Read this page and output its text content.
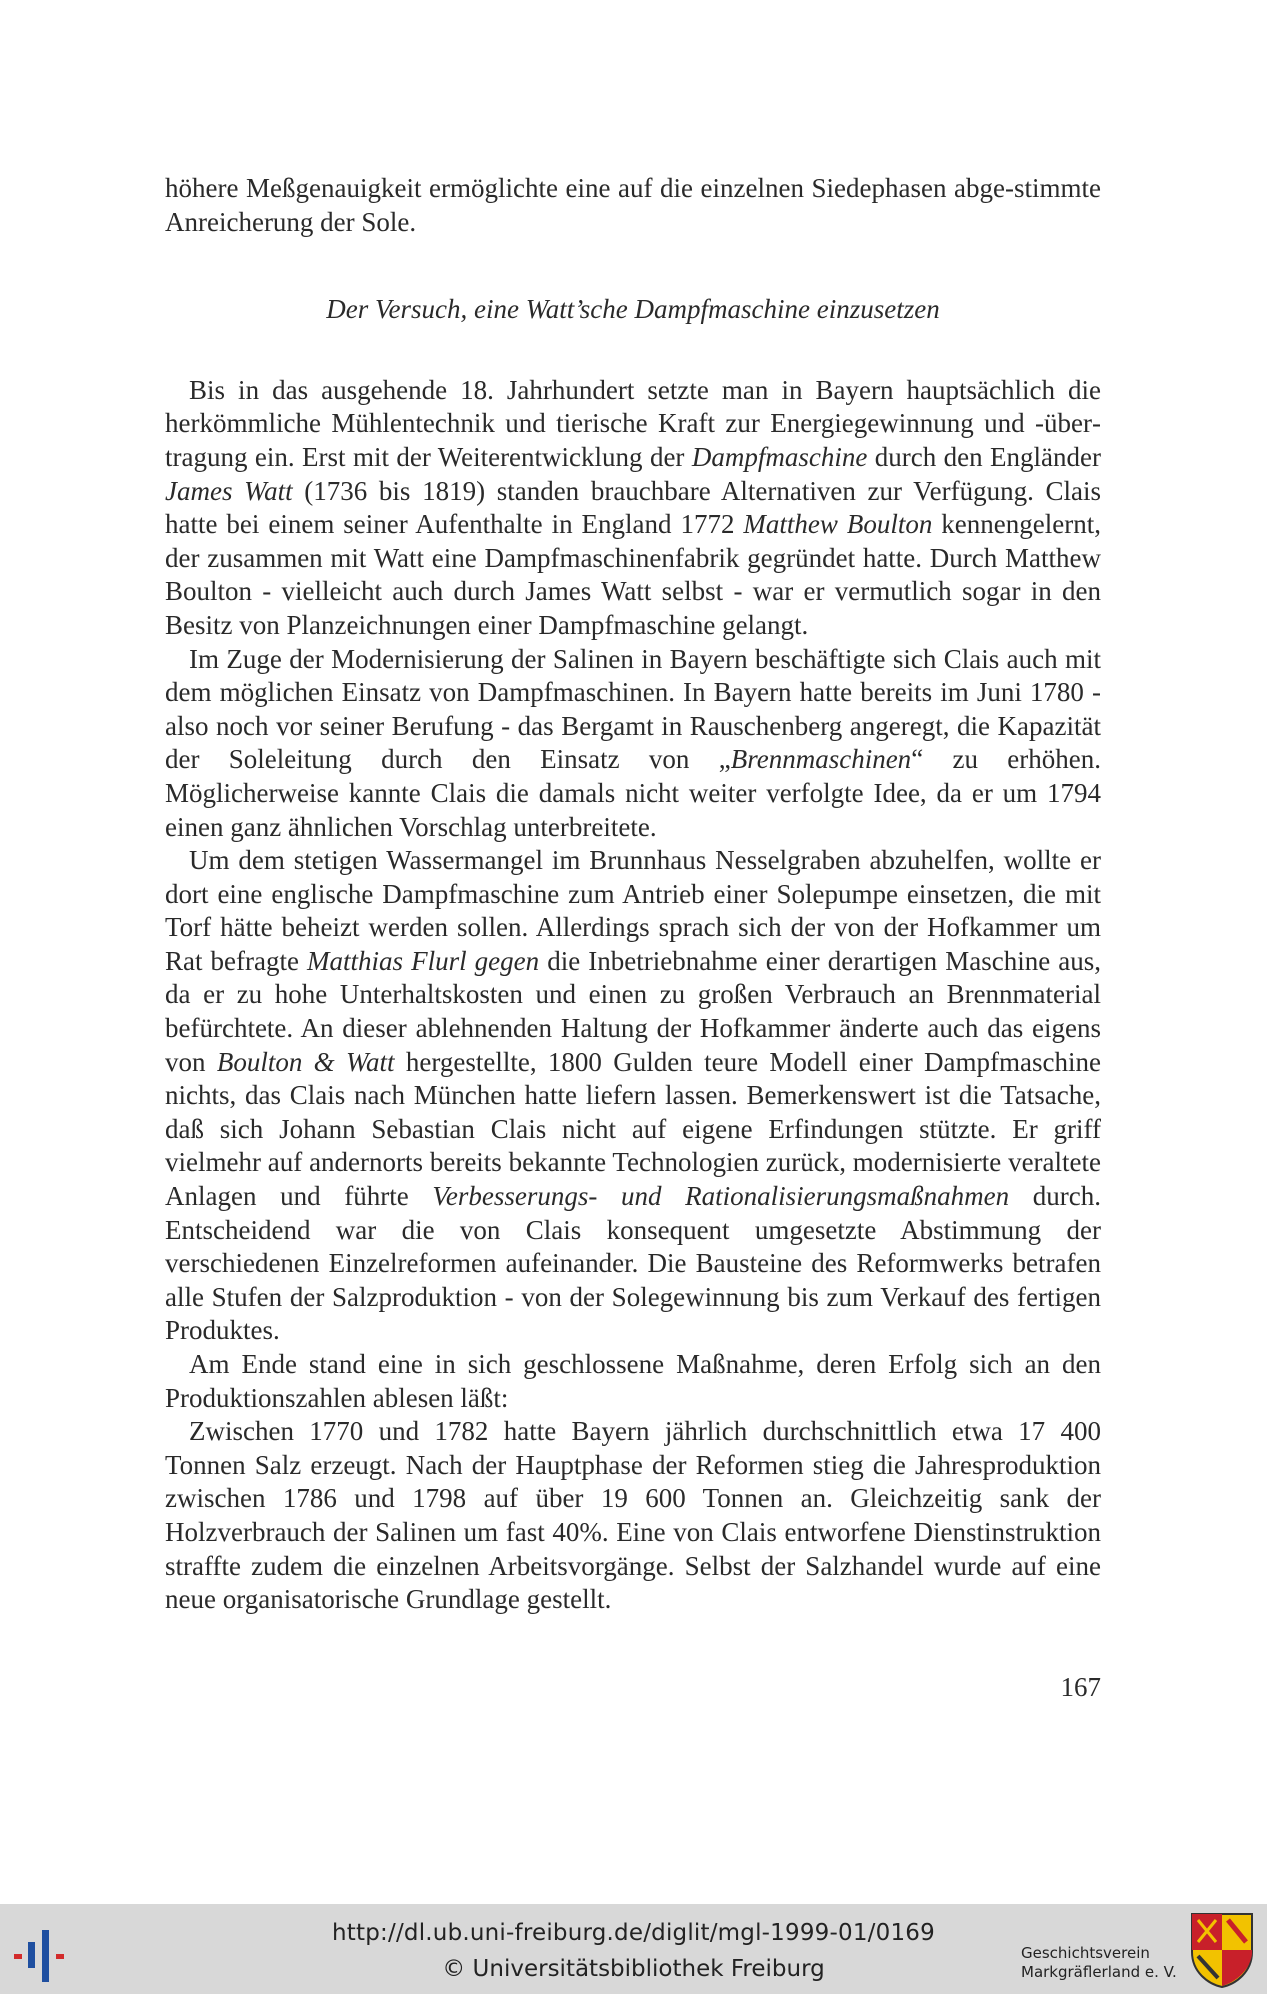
höhere Meßgenauigkeit ermöglichte eine auf die einzelnen Siedephasen abge-stimmte Anreicherung der Sole.

Der Versuch, eine Watt’sche Dampfmaschine einzusetzen

Bis in das ausgehende 18. Jahrhundert setzte man in Bayern hauptsächlich die herkömmliche Mühlentechnik und tierische Kraft zur Energiegewinnung und -übertragung ein. Erst mit der Weiterentwicklung der Dampfmaschine durch den Engländer James Watt (1736 bis 1819) standen brauchbare Alternativen zur Verfügung. Clais hatte bei einem seiner Aufenthalte in England 1772 Matthew Boulton kennengelernt, der zusammen mit Watt eine Dampfmaschinenfabrik gegründet hatte. Durch Matthew Boulton - vielleicht auch durch James Watt selbst - war er vermutlich sogar in den Besitz von Planzeichnungen einer Dampfmaschine gelangt.

Im Zuge der Modernisierung der Salinen in Bayern beschäftigte sich Clais auch mit dem möglichen Einsatz von Dampfmaschinen. In Bayern hatte bereits im Juni 1780 - also noch vor seiner Berufung - das Bergamt in Rauschenberg angeregt, die Kapazität der Soleleitung durch den Einsatz von „Brennmaschinen“ zu erhöhen. Möglicherweise kannte Clais die damals nicht weiter verfolgte Idee, da er um 1794 einen ganz ähnlichen Vorschlag unterbreitete.

Um dem stetigen Wassermangel im Brunnhaus Nesselgraben abzuhelfen, wollte er dort eine englische Dampfmaschine zum Antrieb einer Solepumpe einsetzen, die mit Torf hätte beheizt werden sollen. Allerdings sprach sich der von der Hofkammer um Rat befragte Matthias Flurl gegen die Inbetriebnahme einer derartigen Maschine aus, da er zu hohe Unterhaltskosten und einen zu großen Verbrauch an Brennmaterial befürchtete. An dieser ablehnenden Haltung der Hofkammer änderte auch das eigens von Boulton & Watt hergestellte, 1800 Gulden teure Modell einer Dampfmaschine nichts, das Clais nach München hatte liefern lassen. Bemerkenswert ist die Tatsache, daß sich Johann Sebastian Clais nicht auf eigene Erfindungen stützte. Er griff vielmehr auf andernorts bereits bekannte Technologien zurück, modernisierte veraltete Anlagen und führte Verbesserungs- und Rationalisierungsmaßnahmen durch. Entscheidend war die von Clais konsequent umgesetzte Abstimmung der verschiedenen Einzelreformen aufeinander. Die Bausteine des Reformwerks betrafen alle Stufen der Salzproduktion - von der Solegewinnung bis zum Verkauf des fertigen Produktes.

Am Ende stand eine in sich geschlossene Maßnahme, deren Erfolg sich an den Produktionszahlen ablesen läßt:

Zwischen 1770 und 1782 hatte Bayern jährlich durchschnittlich etwa 17 400 Tonnen Salz erzeugt. Nach der Hauptphase der Reformen stieg die Jahresproduktion zwischen 1786 und 1798 auf über 19 600 Tonnen an. Gleichzeitig sank der Holzverbrauch der Salinen um fast 40%. Eine von Clais entworfene Dienstinstruktion straffte zudem die einzelnen Arbeitsvorgänge. Selbst der Salzhandel wurde auf eine neue organisatorische Grundlage gestellt.

167
http://dl.ub.uni-freiburg.de/diglit/mgl-1999-01/0169
© Universitätsbibliothek Freiburg
Geschichtsverein
Markgräflerland e. V.
